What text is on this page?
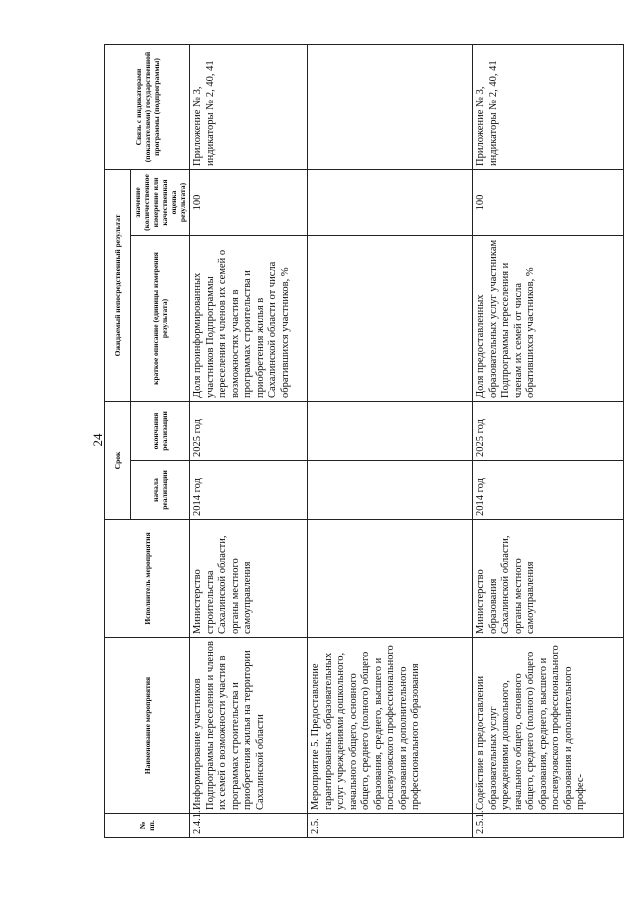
24
№ пп.	Наименование мероприятия	Исполнитель мероприятия	Срок		Ожидаемый непосредственный результат		Связь с индикаторами (показателями) государственной программы (подпрограммы)
			начала реализации	окончания реализации	краткое описание (единицы измерения результата)	значение (количественное измерение или качественная оценка результата)	
2.4.1.	Информирование участников Подпрограммы переселения и членов их семей о возможности участия в программах строительства и приобретения жилья на территории Сахалинской области	Министерство строительства Сахалинской области, органы местного самоуправления	2014 год	2025 год	Доля проинформированных участников Подпрограммы переселения и членов их семей о возможностях участия в программах строительства и приобретения жилья в Сахалинской области от числа обратившихся участников, %	100	Приложение № 3, индикаторы № 2, 40, 41
2.5.	Мероприятие 5. Предоставление гарантированных образовательных услуг учреждениями дошкольного, начального общего, основного общего, среднего (полного) общего образования, среднего, высшего и послевузовского профессионального образования и дополнительного профессионального образования						
2.5.1.	Содействие в предоставлении образовательных услуг учреждениями дошкольного, начального общего, основного общего, среднего (полного) общего образования, среднего, высшего и послевузовского профессионального образования и дополнительного профес-	Министерство образования Сахалинской области, органы местного самоуправления	2014 год	2025 год	Доля предоставленных образовательных услуг участникам Подпрограммы переселения и членам их семей от числа обратившихся участников, %	100	Приложение № 3, индикаторы № 2, 40, 41
